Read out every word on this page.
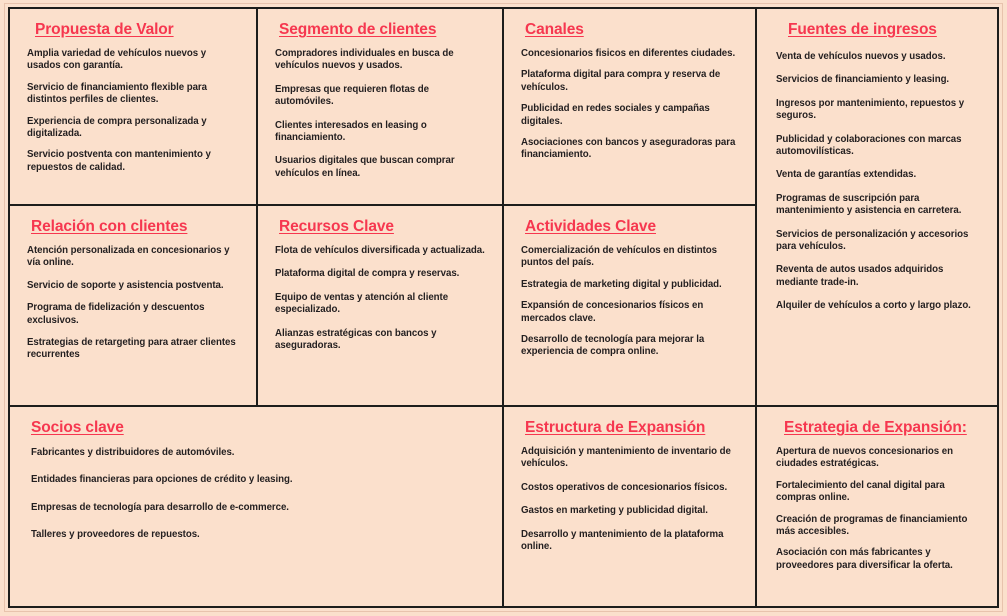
Propuesta de Valor
Amplia variedad de vehículos nuevos y usados con garantía.
Servicio de financiamiento flexible para distintos perfiles de clientes.
Experiencia de compra personalizada y digitalizada.
Servicio postventa con mantenimiento y repuestos de calidad.
Segmento de clientes
Compradores individuales en busca de vehículos nuevos y usados.
Empresas que requieren flotas de automóviles.
Clientes interesados en leasing o financiamiento.
Usuarios digitales que buscan comprar vehículos en línea.
Canales
Concesionarios fisicos en diferentes ciudades.
Plataforma digital para compra y reserva de vehículos.
Publicidad en redes sociales y campañas digitales.
Asociaciones con bancos y aseguradoras para financiamiento.
Fuentes de ingresos
Venta de vehículos nuevos y usados.
Servicios de financiamiento y leasing.
Ingresos por mantenimiento, repuestos y seguros.
Publicidad y colaboraciones con marcas automovilísticas.
Venta de garantías extendidas.
Programas de suscripción para mantenimiento y asistencia en carretera.
Servicios de personalización y accesorios para vehículos.
Reventa de autos usados adquiridos mediante trade-in.
Alquiler de vehículos a corto y largo plazo.
Relación con clientes
Atención personalizada en concesionarios y vía online.
Servicio de soporte y asistencia postventa.
Programa de fidelización y descuentos exclusivos.
Estrategias de retargeting para atraer clientes recurrentes
Recursos Clave
Flota de vehículos diversificada y actualizada.
Plataforma digital de compra y reservas.
Equipo de ventas y atención al cliente especializado.
Alianzas estratégicas con bancos y aseguradoras.
Actividades Clave
Comercialización de vehículos en distintos puntos del país.
Estrategia de marketing digital y publicidad.
Expansión de concesionarios físicos en mercados clave.
Desarrollo de tecnología para mejorar la experiencia de compra online.
Socios clave
Fabricantes y distribuidores de automóviles.
Entidades financieras para opciones de crédito y leasing.
Empresas de tecnología para desarrollo de e-commerce.
Talleres y proveedores de repuestos.
Estructura de Expansión
Adquisición y mantenimiento de inventario de vehículos.
Costos operativos de concesionarios físicos.
Gastos en marketing y publicidad digital.
Desarrollo y mantenimiento de la plataforma online.
Estrategia de Expansión:
Apertura de nuevos concesionarios en ciudades estratégicas.
Fortalecimiento del canal digital para compras online.
Creación de programas de financiamiento más accesibles.
Asociación con más fabricantes y proveedores para diversificar la oferta.
